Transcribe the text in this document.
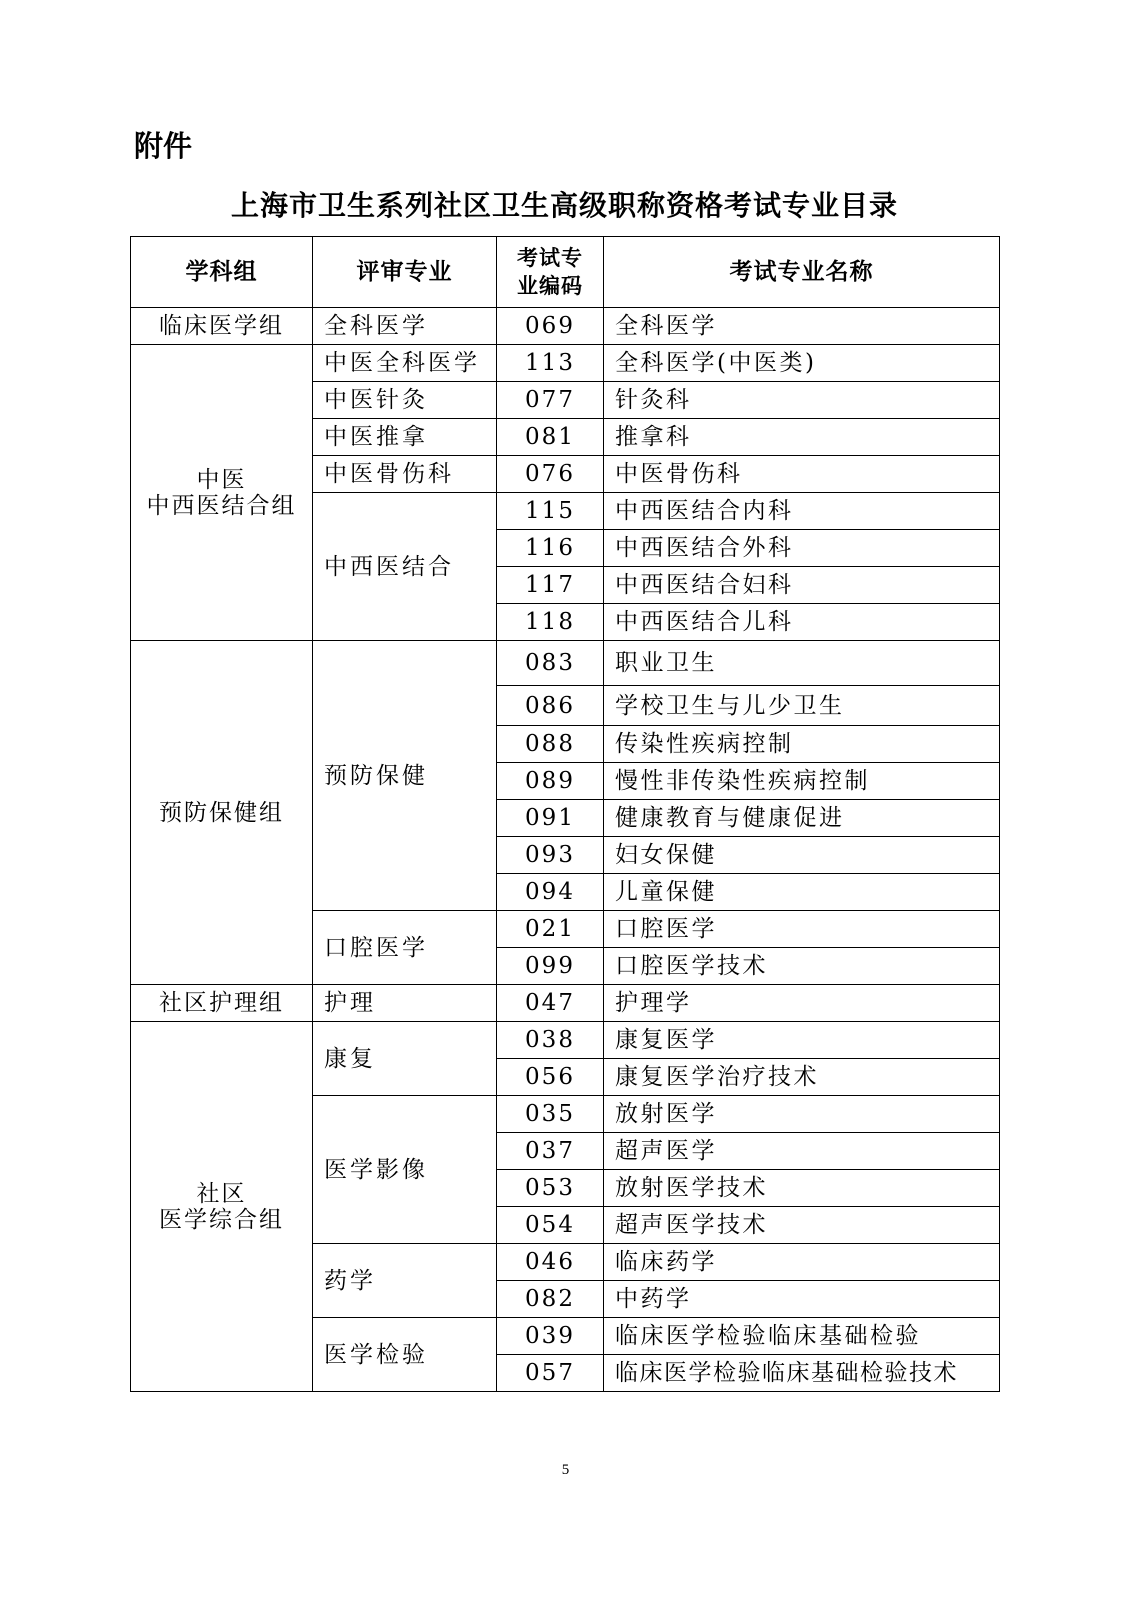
附件
上海市卫生系列社区卫生高级职称资格考试专业目录
学科组	评审专业	考试专
业编码	考试专业名称
临床医学组	全科医学	069	全科医学

中医
中西医结合组	中医全科医学	113	全科医学(中医类)
	中医针灸	077	针灸科
	中医推拿	081	推拿科
	中医骨伤科	076	中医骨伤科
	中西医结合	115	中西医结合内科
		116	中西医结合外科
		117	中西医结合妇科
		118	中西医结合儿科
预防保健组	预防保健	083	职业卫生
		086	学校卫生与儿少卫生
		088	传染性疾病控制
		089	慢性非传染性疾病控制
		091	健康教育与健康促进
		093	妇女保健
		094	儿童保健
	口腔医学	021	口腔医学
		099	口腔医学技术
社区护理组	护理	047	护理学

社区
医学综合组	康复	038	康复医学
		056	康复医学治疗技术
	医学影像	035	放射医学
		037	超声医学
		053	放射医学技术
		054	超声医学技术
	药学	046	临床药学
		082	中药学
	医学检验	039	临床医学检验临床基础检验
		057	临床医学检验临床基础检验技术
5
